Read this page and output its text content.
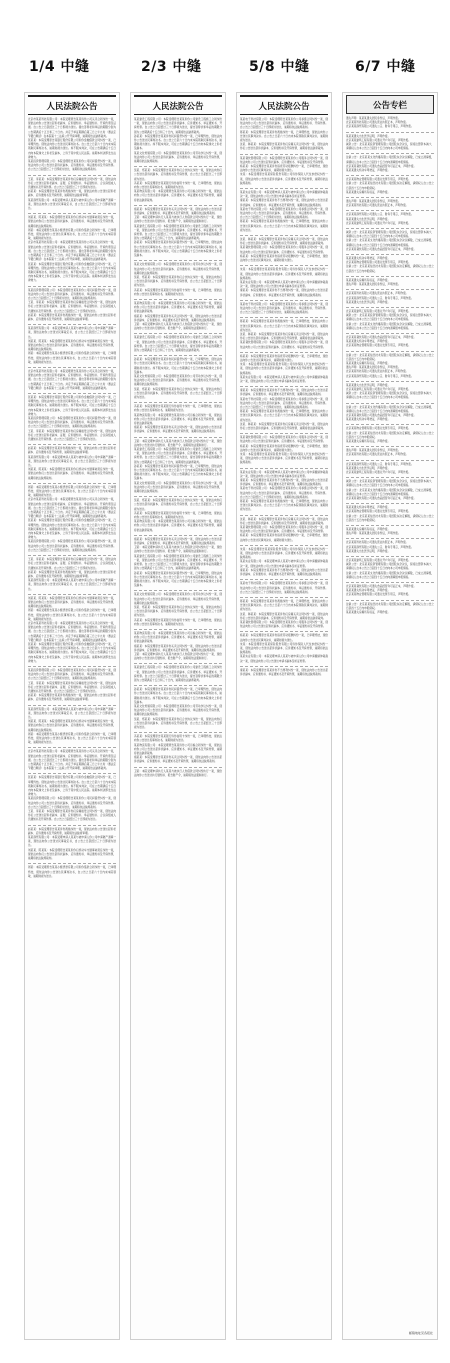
1/4 中缝	2/3 中缝	5/8 中缝	6/7 中缝
人民法院公告

北京市某某科技有限公司：本院受理原告某某诉你公司买卖合同纠纷一案，现依法向你公告送达起诉状副本、应诉通知书、举证通知书、开庭传票及证据。自公告之日起经过三十日即视为送达。提出答辩状和举证的期限分别为公告期满后十五日和三十日内。并定于举证期满后第三日上午九时（遇法定节假日顺延）在本院第十二法庭公开开庭审理，逾期将依法缺席裁判。

张某某：本院受理原告某银行股份有限公司诉你金融借款合同纠纷一案，已审理终结。现依法向你公告送达民事判决书。自公告之日起六十日内来本院领取民事判决书，逾期则视为送达。如不服本判决，可在公告期满后十五日内向本院递交上诉状及副本，上诉于某中级人民法院。逾期本判决即发生法律效力。

某某投资管理有限公司：本院受理原告某某诉你公司民间借贷纠纷一案，现依法向你公司公告送达起诉状副本、应诉通知书、举证通知书及开庭传票。自公告之日起经过三十日即视为送达，逾期将依法缺席裁判。

王某、李某某：本院受理原告某某诉你们房屋租赁合同纠纷一案，现依法向你们公告送达起诉状副本、证据、应诉通知书、举证通知书、合议庭组成人员通知书及开庭传票。自公告之日起经过三十日即视为送达。

赵某某：本院受理原告某某诉你离婚纠纷一案，现依法向你公告送达起诉状副本、应诉通知书及开庭传票，逾期将依法缺席审理。

某某商贸有限公司：本院受理申请人某某与被申请人你公司申请破产清算一案，现依法向你公告送达民事裁定书，自公告之日起经过三十日即视为送达。

刘某某、陈某某：本院受理原告某某诉你们机动车交通事故责任纠纷一案，现依法向你们公告送达起诉状副本、应诉通知书、举证通知书及开庭传票，逾期将依法缺席裁判。

周某：本院受理原告某某小额贷款有限公司诉你借款合同纠纷一案，已审理终结，现依法向你公告送达民事判决书，自公告之日起六十日内来本院领取，逾期则视为送达。

北京市某某科技有限公司：本院受理原告某某诉你公司买卖合同纠纷一案，现依法向你公告送达起诉状副本、应诉通知书、举证通知书、开庭传票及证据。自公告之日起经过三十日即视为送达。提出答辩状和举证的期限分别为公告期满后十五日和三十日内。并定于举证期满后第三日上午九时（遇法定节假日顺延）在本院第十二法庭公开开庭审理，逾期将依法缺席裁判。

张某某：本院受理原告某银行股份有限公司诉你金融借款合同纠纷一案，已审理终结。现依法向你公告送达民事判决书。自公告之日起六十日内来本院领取民事判决书，逾期则视为送达。如不服本判决，可在公告期满后十五日内向本院递交上诉状及副本，上诉于某中级人民法院。逾期本判决即发生法律效力。

某某投资管理有限公司：本院受理原告某某诉你公司民间借贷纠纷一案，现依法向你公司公告送达起诉状副本、应诉通知书、举证通知书及开庭传票。自公告之日起经过三十日即视为送达，逾期将依法缺席裁判。

王某、李某某：本院受理原告某某诉你们房屋租赁合同纠纷一案，现依法向你们公告送达起诉状副本、证据、应诉通知书、举证通知书、合议庭组成人员通知书及开庭传票。自公告之日起经过三十日即视为送达。

赵某某：本院受理原告某某诉你离婚纠纷一案，现依法向你公告送达起诉状副本、应诉通知书及开庭传票，逾期将依法缺席审理。

某某商贸有限公司：本院受理申请人某某与被申请人你公司申请破产清算一案，现依法向你公告送达民事裁定书，自公告之日起经过三十日即视为送达。

刘某某、陈某某：本院受理原告某某诉你们机动车交通事故责任纠纷一案，现依法向你们公告送达起诉状副本、应诉通知书、举证通知书及开庭传票，逾期将依法缺席裁判。

周某：本院受理原告某某小额贷款有限公司诉你借款合同纠纷一案，已审理终结，现依法向你公告送达民事判决书，自公告之日起六十日内来本院领取，逾期则视为送达。

北京市某某科技有限公司：本院受理原告某某诉你公司买卖合同纠纷一案，现依法向你公告送达起诉状副本、应诉通知书、举证通知书、开庭传票及证据。自公告之日起经过三十日即视为送达。提出答辩状和举证的期限分别为公告期满后十五日和三十日内。并定于举证期满后第三日上午九时（遇法定节假日顺延）在本院第十二法庭公开开庭审理，逾期将依法缺席裁判。

张某某：本院受理原告某银行股份有限公司诉你金融借款合同纠纷一案，已审理终结。现依法向你公告送达民事判决书。自公告之日起六十日内来本院领取民事判决书，逾期则视为送达。如不服本判决，可在公告期满后十五日内向本院递交上诉状及副本，上诉于某中级人民法院。逾期本判决即发生法律效力。

某某投资管理有限公司：本院受理原告某某诉你公司民间借贷纠纷一案，现依法向你公司公告送达起诉状副本、应诉通知书、举证通知书及开庭传票。自公告之日起经过三十日即视为送达，逾期将依法缺席裁判。

王某、李某某：本院受理原告某某诉你们房屋租赁合同纠纷一案，现依法向你们公告送达起诉状副本、证据、应诉通知书、举证通知书、合议庭组成人员通知书及开庭传票。自公告之日起经过三十日即视为送达。

赵某某：本院受理原告某某诉你离婚纠纷一案，现依法向你公告送达起诉状副本、应诉通知书及开庭传票，逾期将依法缺席审理。

某某商贸有限公司：本院受理申请人某某与被申请人你公司申请破产清算一案，现依法向你公告送达民事裁定书，自公告之日起经过三十日即视为送达。

刘某某、陈某某：本院受理原告某某诉你们机动车交通事故责任纠纷一案，现依法向你们公告送达起诉状副本、应诉通知书、举证通知书及开庭传票，逾期将依法缺席裁判。

周某：本院受理原告某某小额贷款有限公司诉你借款合同纠纷一案，已审理终结，现依法向你公告送达民事判决书，自公告之日起六十日内来本院领取，逾期则视为送达。

北京市某某科技有限公司：本院受理原告某某诉你公司买卖合同纠纷一案，现依法向你公告送达起诉状副本、应诉通知书、举证通知书、开庭传票及证据。自公告之日起经过三十日即视为送达。提出答辩状和举证的期限分别为公告期满后十五日和三十日内。并定于举证期满后第三日上午九时（遇法定节假日顺延）在本院第十二法庭公开开庭审理，逾期将依法缺席裁判。

张某某：本院受理原告某银行股份有限公司诉你金融借款合同纠纷一案，已审理终结。现依法向你公告送达民事判决书。自公告之日起六十日内来本院领取民事判决书，逾期则视为送达。如不服本判决，可在公告期满后十五日内向本院递交上诉状及副本，上诉于某中级人民法院。逾期本判决即发生法律效力。

某某投资管理有限公司：本院受理原告某某诉你公司民间借贷纠纷一案，现依法向你公司公告送达起诉状副本、应诉通知书、举证通知书及开庭传票。自公告之日起经过三十日即视为送达，逾期将依法缺席裁判。

王某、李某某：本院受理原告某某诉你们房屋租赁合同纠纷一案，现依法向你们公告送达起诉状副本、证据、应诉通知书、举证通知书、合议庭组成人员通知书及开庭传票。自公告之日起经过三十日即视为送达。

赵某某：本院受理原告某某诉你离婚纠纷一案，现依法向你公告送达起诉状副本、应诉通知书及开庭传票，逾期将依法缺席审理。

某某商贸有限公司：本院受理申请人某某与被申请人你公司申请破产清算一案，现依法向你公告送达民事裁定书，自公告之日起经过三十日即视为送达。

刘某某、陈某某：本院受理原告某某诉你们机动车交通事故责任纠纷一案，现依法向你们公告送达起诉状副本、应诉通知书、举证通知书及开庭传票，逾期将依法缺席裁判。

周某：本院受理原告某某小额贷款有限公司诉你借款合同纠纷一案，已审理终结，现依法向你公告送达民事判决书，自公告之日起六十日内来本院领取，逾期则视为送达。

北京市某某科技有限公司：本院受理原告某某诉你公司买卖合同纠纷一案，现依法向你公告送达起诉状副本、应诉通知书、举证通知书、开庭传票及证据。自公告之日起经过三十日即视为送达。提出答辩状和举证的期限分别为公告期满后十五日和三十日内。并定于举证期满后第三日上午九时（遇法定节假日顺延）在本院第十二法庭公开开庭审理，逾期将依法缺席裁判。

张某某：本院受理原告某银行股份有限公司诉你金融借款合同纠纷一案，已审理终结。现依法向你公告送达民事判决书。自公告之日起六十日内来本院领取民事判决书，逾期则视为送达。如不服本判决，可在公告期满后十五日内向本院递交上诉状及副本，上诉于某中级人民法院。逾期本判决即发生法律效力。

某某投资管理有限公司：本院受理原告某某诉你公司民间借贷纠纷一案，现依法向你公司公告送达起诉状副本、应诉通知书、举证通知书及开庭传票。自公告之日起经过三十日即视为送达，逾期将依法缺席裁判。

王某、李某某：本院受理原告某某诉你们房屋租赁合同纠纷一案，现依法向你们公告送达起诉状副本、证据、应诉通知书、举证通知书、合议庭组成人员通知书及开庭传票。自公告之日起经过三十日即视为送达。

赵某某：本院受理原告某某诉你离婚纠纷一案，现依法向你公告送达起诉状副本、应诉通知书及开庭传票，逾期将依法缺席审理。

某某商贸有限公司：本院受理申请人某某与被申请人你公司申请破产清算一案，现依法向你公告送达民事裁定书，自公告之日起经过三十日即视为送达。

刘某某、陈某某：本院受理原告某某诉你们机动车交通事故责任纠纷一案，现依法向你们公告送达起诉状副本、应诉通知书、举证通知书及开庭传票，逾期将依法缺席裁判。

周某：本院受理原告某某小额贷款有限公司诉你借款合同纠纷一案，已审理终结，现依法向你公告送达民事判决书，自公告之日起六十日内来本院领取，逾期则视为送达。

北京市某某科技有限公司：本院受理原告某某诉你公司买卖合同纠纷一案，现依法向你公告送达起诉状副本、应诉通知书、举证通知书、开庭传票及证据。自公告之日起经过三十日即视为送达。提出答辩状和举证的期限分别为公告期满后十五日和三十日内。并定于举证期满后第三日上午九时（遇法定节假日顺延）在本院第十二法庭公开开庭审理，逾期将依法缺席裁判。

张某某：本院受理原告某银行股份有限公司诉你金融借款合同纠纷一案，已审理终结。现依法向你公告送达民事判决书。自公告之日起六十日内来本院领取民事判决书，逾期则视为送达。如不服本判决，可在公告期满后十五日内向本院递交上诉状及副本，上诉于某中级人民法院。逾期本判决即发生法律效力。

某某投资管理有限公司：本院受理原告某某诉你公司民间借贷纠纷一案，现依法向你公司公告送达起诉状副本、应诉通知书、举证通知书及开庭传票。自公告之日起经过三十日即视为送达，逾期将依法缺席裁判。

王某、李某某：本院受理原告某某诉你们房屋租赁合同纠纷一案，现依法向你们公告送达起诉状副本、证据、应诉通知书、举证通知书、合议庭组成人员通知书及开庭传票。自公告之日起经过三十日即视为送达。

赵某某：本院受理原告某某诉你离婚纠纷一案，现依法向你公告送达起诉状副本、应诉通知书及开庭传票，逾期将依法缺席审理。

某某商贸有限公司：本院受理申请人某某与被申请人你公司申请破产清算一案，现依法向你公告送达民事裁定书，自公告之日起经过三十日即视为送达。

刘某某、陈某某：本院受理原告某某诉你们机动车交通事故责任纠纷一案，现依法向你们公告送达起诉状副本、应诉通知书、举证通知书及开庭传票，逾期将依法缺席裁判。

周某：本院受理原告某某小额贷款有限公司诉你借款合同纠纷一案，已审理终结，现依法向你公告送达民事判决书，自公告之日起六十日内来本院领取，逾期则视为送达。

人民法院公告

某某建设工程有限公司：本院受理原告某某诉你公司建设工程施工合同纠纷一案，现依法向你公司公告送达起诉状副本、应诉通知书、举证通知书、开庭传票。自公告之日起经过三十日即视为送达，提出答辩状和举证的期限分别为公告期满后十五日和三十日内，逾期将依法缺席裁判。

孙某某：本院受理原告某某诉你民间借贷纠纷一案，已审理终结，现依法向你公告送达民事判决书。自公告之日起六十日内来本院领取民事判决书，逾期则视为送达。如不服本判决，可在公告期满后十五日内向本院递交上诉状及副本。

某某文化传媒有限公司：本院受理原告某某诉你公司劳动争议纠纷一案，现依法向你公司公告送达起诉状副本、应诉通知书、举证通知书及开庭传票，逾期将依法缺席裁判。

吴某、郑某某：本院受理原告某某诉你们合伙协议纠纷一案，现依法向你们公告送达起诉状副本、应诉通知书及开庭传票，自公告之日起经过三十日即视为送达。

冯某某：本院受理原告某某银行诉你信用卡纠纷一案，已审理终结，现依法向你公告送达民事判决书，逾期则视为送达。

某某物流有限公司：本院受理原告某某诉你公司运输合同纠纷一案，现依法向你公司公告送达起诉状副本、应诉通知书、举证通知书及开庭传票，逾期将依法缺席裁判。

褚某某：本院受理原告某某诉你买卖合同纠纷一案，现依法向你公告送达起诉状副本、应诉通知书、举证通知书及开庭传票，逾期将依法缺席裁判。

卫某：本院受理申请执行人某某与被执行人你借款合同纠纷执行一案，现依法向你公告送达执行通知书、报告财产令，逾期将依法强制执行。

某某建设工程有限公司：本院受理原告某某诉你公司建设工程施工合同纠纷一案，现依法向你公司公告送达起诉状副本、应诉通知书、举证通知书、开庭传票。自公告之日起经过三十日即视为送达，提出答辩状和举证的期限分别为公告期满后十五日和三十日内，逾期将依法缺席裁判。

孙某某：本院受理原告某某诉你民间借贷纠纷一案，已审理终结，现依法向你公告送达民事判决书。自公告之日起六十日内来本院领取民事判决书，逾期则视为送达。如不服本判决，可在公告期满后十五日内向本院递交上诉状及副本。

某某文化传媒有限公司：本院受理原告某某诉你公司劳动争议纠纷一案，现依法向你公司公告送达起诉状副本、应诉通知书、举证通知书及开庭传票，逾期将依法缺席裁判。

吴某、郑某某：本院受理原告某某诉你们合伙协议纠纷一案，现依法向你们公告送达起诉状副本、应诉通知书及开庭传票，自公告之日起经过三十日即视为送达。

冯某某：本院受理原告某某银行诉你信用卡纠纷一案，已审理终结，现依法向你公告送达民事判决书，逾期则视为送达。

某某物流有限公司：本院受理原告某某诉你公司运输合同纠纷一案，现依法向你公司公告送达起诉状副本、应诉通知书、举证通知书及开庭传票，逾期将依法缺席裁判。

褚某某：本院受理原告某某诉你买卖合同纠纷一案，现依法向你公告送达起诉状副本、应诉通知书、举证通知书及开庭传票，逾期将依法缺席裁判。

卫某：本院受理申请执行人某某与被执行人你借款合同纠纷执行一案，现依法向你公告送达执行通知书、报告财产令，逾期将依法强制执行。

某某建设工程有限公司：本院受理原告某某诉你公司建设工程施工合同纠纷一案，现依法向你公司公告送达起诉状副本、应诉通知书、举证通知书、开庭传票。自公告之日起经过三十日即视为送达，提出答辩状和举证的期限分别为公告期满后十五日和三十日内，逾期将依法缺席裁判。

孙某某：本院受理原告某某诉你民间借贷纠纷一案，已审理终结，现依法向你公告送达民事判决书。自公告之日起六十日内来本院领取民事判决书，逾期则视为送达。如不服本判决，可在公告期满后十五日内向本院递交上诉状及副本。

某某文化传媒有限公司：本院受理原告某某诉你公司劳动争议纠纷一案，现依法向你公司公告送达起诉状副本、应诉通知书、举证通知书及开庭传票，逾期将依法缺席裁判。

吴某、郑某某：本院受理原告某某诉你们合伙协议纠纷一案，现依法向你们公告送达起诉状副本、应诉通知书及开庭传票，自公告之日起经过三十日即视为送达。

冯某某：本院受理原告某某银行诉你信用卡纠纷一案，已审理终结，现依法向你公告送达民事判决书，逾期则视为送达。

某某物流有限公司：本院受理原告某某诉你公司运输合同纠纷一案，现依法向你公司公告送达起诉状副本、应诉通知书、举证通知书及开庭传票，逾期将依法缺席裁判。

褚某某：本院受理原告某某诉你买卖合同纠纷一案，现依法向你公告送达起诉状副本、应诉通知书、举证通知书及开庭传票，逾期将依法缺席裁判。

卫某：本院受理申请执行人某某与被执行人你借款合同纠纷执行一案，现依法向你公告送达执行通知书、报告财产令，逾期将依法强制执行。

某某建设工程有限公司：本院受理原告某某诉你公司建设工程施工合同纠纷一案，现依法向你公司公告送达起诉状副本、应诉通知书、举证通知书、开庭传票。自公告之日起经过三十日即视为送达，提出答辩状和举证的期限分别为公告期满后十五日和三十日内，逾期将依法缺席裁判。

孙某某：本院受理原告某某诉你民间借贷纠纷一案，已审理终结，现依法向你公告送达民事判决书。自公告之日起六十日内来本院领取民事判决书，逾期则视为送达。如不服本判决，可在公告期满后十五日内向本院递交上诉状及副本。

某某文化传媒有限公司：本院受理原告某某诉你公司劳动争议纠纷一案，现依法向你公司公告送达起诉状副本、应诉通知书、举证通知书及开庭传票，逾期将依法缺席裁判。

吴某、郑某某：本院受理原告某某诉你们合伙协议纠纷一案，现依法向你们公告送达起诉状副本、应诉通知书及开庭传票，自公告之日起经过三十日即视为送达。

冯某某：本院受理原告某某银行诉你信用卡纠纷一案，已审理终结，现依法向你公告送达民事判决书，逾期则视为送达。

某某物流有限公司：本院受理原告某某诉你公司运输合同纠纷一案，现依法向你公司公告送达起诉状副本、应诉通知书、举证通知书及开庭传票，逾期将依法缺席裁判。

褚某某：本院受理原告某某诉你买卖合同纠纷一案，现依法向你公告送达起诉状副本、应诉通知书、举证通知书及开庭传票，逾期将依法缺席裁判。

卫某：本院受理申请执行人某某与被执行人你借款合同纠纷执行一案，现依法向你公告送达执行通知书、报告财产令，逾期将依法强制执行。

某某建设工程有限公司：本院受理原告某某诉你公司建设工程施工合同纠纷一案，现依法向你公司公告送达起诉状副本、应诉通知书、举证通知书、开庭传票。自公告之日起经过三十日即视为送达，提出答辩状和举证的期限分别为公告期满后十五日和三十日内，逾期将依法缺席裁判。

孙某某：本院受理原告某某诉你民间借贷纠纷一案，已审理终结，现依法向你公告送达民事判决书。自公告之日起六十日内来本院领取民事判决书，逾期则视为送达。如不服本判决，可在公告期满后十五日内向本院递交上诉状及副本。

某某文化传媒有限公司：本院受理原告某某诉你公司劳动争议纠纷一案，现依法向你公司公告送达起诉状副本、应诉通知书、举证通知书及开庭传票，逾期将依法缺席裁判。

吴某、郑某某：本院受理原告某某诉你们合伙协议纠纷一案，现依法向你们公告送达起诉状副本、应诉通知书及开庭传票，自公告之日起经过三十日即视为送达。

冯某某：本院受理原告某某银行诉你信用卡纠纷一案，已审理终结，现依法向你公告送达民事判决书，逾期则视为送达。

某某物流有限公司：本院受理原告某某诉你公司运输合同纠纷一案，现依法向你公司公告送达起诉状副本、应诉通知书、举证通知书及开庭传票，逾期将依法缺席裁判。

褚某某：本院受理原告某某诉你买卖合同纠纷一案，现依法向你公告送达起诉状副本、应诉通知书、举证通知书及开庭传票，逾期将依法缺席裁判。

卫某：本院受理申请执行人某某与被执行人你借款合同纠纷执行一案，现依法向你公告送达执行通知书、报告财产令，逾期将依法强制执行。

某某建设工程有限公司：本院受理原告某某诉你公司建设工程施工合同纠纷一案，现依法向你公司公告送达起诉状副本、应诉通知书、举证通知书、开庭传票。自公告之日起经过三十日即视为送达，提出答辩状和举证的期限分别为公告期满后十五日和三十日内，逾期将依法缺席裁判。

孙某某：本院受理原告某某诉你民间借贷纠纷一案，已审理终结，现依法向你公告送达民事判决书。自公告之日起六十日内来本院领取民事判决书，逾期则视为送达。如不服本判决，可在公告期满后十五日内向本院递交上诉状及副本。

某某文化传媒有限公司：本院受理原告某某诉你公司劳动争议纠纷一案，现依法向你公司公告送达起诉状副本、应诉通知书、举证通知书及开庭传票，逾期将依法缺席裁判。

吴某、郑某某：本院受理原告某某诉你们合伙协议纠纷一案，现依法向你们公告送达起诉状副本、应诉通知书及开庭传票，自公告之日起经过三十日即视为送达。

冯某某：本院受理原告某某银行诉你信用卡纠纷一案，已审理终结，现依法向你公告送达民事判决书，逾期则视为送达。

某某物流有限公司：本院受理原告某某诉你公司运输合同纠纷一案，现依法向你公司公告送达起诉状副本、应诉通知书、举证通知书及开庭传票，逾期将依法缺席裁判。

褚某某：本院受理原告某某诉你买卖合同纠纷一案，现依法向你公告送达起诉状副本、应诉通知书、举证通知书及开庭传票，逾期将依法缺席裁判。

卫某：本院受理申请执行人某某与被执行人你借款合同纠纷执行一案，现依法向你公告送达执行通知书、报告财产令，逾期将依法强制执行。

人民法院公告

某某电子科技有限公司：本院受理原告某某诉你公司承揽合同纠纷一案，现依法向你公司公告送达起诉状副本、应诉通知书、举证通知书、开庭传票。自公告之日起经过三十日即视为送达，逾期将依法缺席裁判。

蒋某某：本院受理原告某某诉你离婚纠纷一案，已审理终结，现依法向你公告送达民事判决书。自公告之日起六十日内来本院领取民事判决书，逾期则视为送达。

沈某、韩某某：本院受理原告某某诉你们房屋买卖合同纠纷一案，现依法向你们公告送达起诉状副本、应诉通知书及开庭传票，逾期将依法缺席裁判。

某某餐饮管理有限公司：本院受理原告某某诉你公司服务合同纠纷一案，现依法向你公司公告送达起诉状副本、应诉通知书、举证通知书及开庭传票。

杨某某：本院受理原告某某诉你追索劳动报酬纠纷一案，已审理终结，现依法向你公告送达民事判决书，逾期则视为送达。

朱某：本院受理原告某某保险股份有限公司诉你保险人代位求偿权纠纷一案，现依法向你公告送达起诉状副本、应诉通知书及开庭传票，逾期将依法缺席裁判。

某某实业有限公司：本院受理申请人某某与被申请人你公司申请撤销仲裁裁决一案，现依法向你公司公告送达申请书副本及听证传票。

秦某某：本院受理原告某某诉你不当得利纠纷一案，现依法向你公告送达起诉状副本、应诉通知书、举证通知书及开庭传票，逾期将依法缺席裁判。

某某电子科技有限公司：本院受理原告某某诉你公司承揽合同纠纷一案，现依法向你公司公告送达起诉状副本、应诉通知书、举证通知书、开庭传票。自公告之日起经过三十日即视为送达，逾期将依法缺席裁判。

蒋某某：本院受理原告某某诉你离婚纠纷一案，已审理终结，现依法向你公告送达民事判决书。自公告之日起六十日内来本院领取民事判决书，逾期则视为送达。

沈某、韩某某：本院受理原告某某诉你们房屋买卖合同纠纷一案，现依法向你们公告送达起诉状副本、应诉通知书及开庭传票，逾期将依法缺席裁判。

某某餐饮管理有限公司：本院受理原告某某诉你公司服务合同纠纷一案，现依法向你公司公告送达起诉状副本、应诉通知书、举证通知书及开庭传票。

杨某某：本院受理原告某某诉你追索劳动报酬纠纷一案，已审理终结，现依法向你公告送达民事判决书，逾期则视为送达。

朱某：本院受理原告某某保险股份有限公司诉你保险人代位求偿权纠纷一案，现依法向你公告送达起诉状副本、应诉通知书及开庭传票，逾期将依法缺席裁判。

某某实业有限公司：本院受理申请人某某与被申请人你公司申请撤销仲裁裁决一案，现依法向你公司公告送达申请书副本及听证传票。

秦某某：本院受理原告某某诉你不当得利纠纷一案，现依法向你公告送达起诉状副本、应诉通知书、举证通知书及开庭传票，逾期将依法缺席裁判。

某某电子科技有限公司：本院受理原告某某诉你公司承揽合同纠纷一案，现依法向你公司公告送达起诉状副本、应诉通知书、举证通知书、开庭传票。自公告之日起经过三十日即视为送达，逾期将依法缺席裁判。

蒋某某：本院受理原告某某诉你离婚纠纷一案，已审理终结，现依法向你公告送达民事判决书。自公告之日起六十日内来本院领取民事判决书，逾期则视为送达。

沈某、韩某某：本院受理原告某某诉你们房屋买卖合同纠纷一案，现依法向你们公告送达起诉状副本、应诉通知书及开庭传票，逾期将依法缺席裁判。

某某餐饮管理有限公司：本院受理原告某某诉你公司服务合同纠纷一案，现依法向你公司公告送达起诉状副本、应诉通知书、举证通知书及开庭传票。

杨某某：本院受理原告某某诉你追索劳动报酬纠纷一案，已审理终结，现依法向你公告送达民事判决书，逾期则视为送达。

朱某：本院受理原告某某保险股份有限公司诉你保险人代位求偿权纠纷一案，现依法向你公告送达起诉状副本、应诉通知书及开庭传票，逾期将依法缺席裁判。

某某实业有限公司：本院受理申请人某某与被申请人你公司申请撤销仲裁裁决一案，现依法向你公司公告送达申请书副本及听证传票。

秦某某：本院受理原告某某诉你不当得利纠纷一案，现依法向你公告送达起诉状副本、应诉通知书、举证通知书及开庭传票，逾期将依法缺席裁判。

某某电子科技有限公司：本院受理原告某某诉你公司承揽合同纠纷一案，现依法向你公司公告送达起诉状副本、应诉通知书、举证通知书、开庭传票。自公告之日起经过三十日即视为送达，逾期将依法缺席裁判。

蒋某某：本院受理原告某某诉你离婚纠纷一案，已审理终结，现依法向你公告送达民事判决书。自公告之日起六十日内来本院领取民事判决书，逾期则视为送达。

沈某、韩某某：本院受理原告某某诉你们房屋买卖合同纠纷一案，现依法向你们公告送达起诉状副本、应诉通知书及开庭传票，逾期将依法缺席裁判。

某某餐饮管理有限公司：本院受理原告某某诉你公司服务合同纠纷一案，现依法向你公司公告送达起诉状副本、应诉通知书、举证通知书及开庭传票。

杨某某：本院受理原告某某诉你追索劳动报酬纠纷一案，已审理终结，现依法向你公告送达民事判决书，逾期则视为送达。

朱某：本院受理原告某某保险股份有限公司诉你保险人代位求偿权纠纷一案，现依法向你公告送达起诉状副本、应诉通知书及开庭传票，逾期将依法缺席裁判。

某某实业有限公司：本院受理申请人某某与被申请人你公司申请撤销仲裁裁决一案，现依法向你公司公告送达申请书副本及听证传票。

秦某某：本院受理原告某某诉你不当得利纠纷一案，现依法向你公告送达起诉状副本、应诉通知书、举证通知书及开庭传票，逾期将依法缺席裁判。

某某电子科技有限公司：本院受理原告某某诉你公司承揽合同纠纷一案，现依法向你公司公告送达起诉状副本、应诉通知书、举证通知书、开庭传票。自公告之日起经过三十日即视为送达，逾期将依法缺席裁判。

蒋某某：本院受理原告某某诉你离婚纠纷一案，已审理终结，现依法向你公告送达民事判决书。自公告之日起六十日内来本院领取民事判决书，逾期则视为送达。

沈某、韩某某：本院受理原告某某诉你们房屋买卖合同纠纷一案，现依法向你们公告送达起诉状副本、应诉通知书及开庭传票，逾期将依法缺席裁判。

某某餐饮管理有限公司：本院受理原告某某诉你公司服务合同纠纷一案，现依法向你公司公告送达起诉状副本、应诉通知书、举证通知书及开庭传票。

杨某某：本院受理原告某某诉你追索劳动报酬纠纷一案，已审理终结，现依法向你公告送达民事判决书，逾期则视为送达。

朱某：本院受理原告某某保险股份有限公司诉你保险人代位求偿权纠纷一案，现依法向你公告送达起诉状副本、应诉通知书及开庭传票，逾期将依法缺席裁判。

某某实业有限公司：本院受理申请人某某与被申请人你公司申请撤销仲裁裁决一案，现依法向你公司公告送达申请书副本及听证传票。

秦某某：本院受理原告某某诉你不当得利纠纷一案，现依法向你公告送达起诉状副本、应诉通知书、举证通知书及开庭传票，逾期将依法缺席裁判。

某某电子科技有限公司：本院受理原告某某诉你公司承揽合同纠纷一案，现依法向你公司公告送达起诉状副本、应诉通知书、举证通知书、开庭传票。自公告之日起经过三十日即视为送达，逾期将依法缺席裁判。

蒋某某：本院受理原告某某诉你离婚纠纷一案，已审理终结，现依法向你公告送达民事判决书。自公告之日起六十日内来本院领取民事判决书，逾期则视为送达。

沈某、韩某某：本院受理原告某某诉你们房屋买卖合同纠纷一案，现依法向你们公告送达起诉状副本、应诉通知书及开庭传票，逾期将依法缺席裁判。

某某餐饮管理有限公司：本院受理原告某某诉你公司服务合同纠纷一案，现依法向你公司公告送达起诉状副本、应诉通知书、举证通知书及开庭传票。

杨某某：本院受理原告某某诉你追索劳动报酬纠纷一案，已审理终结，现依法向你公告送达民事判决书，逾期则视为送达。

朱某：本院受理原告某某保险股份有限公司诉你保险人代位求偿权纠纷一案，现依法向你公告送达起诉状副本、应诉通知书及开庭传票，逾期将依法缺席裁判。

某某实业有限公司：本院受理申请人某某与被申请人你公司申请撤销仲裁裁决一案，现依法向你公司公告送达申请书副本及听证传票。

秦某某：本院受理原告某某诉你不当得利纠纷一案，现依法向你公告送达起诉状副本、应诉通知书、举证通知书及开庭传票，逾期将依法缺席裁判。

公告专栏

遗失声明：某某某遗失居民身份证，声明作废。

北京某某科技有限公司遗失营业执照正本，声明作废。

北京某某商贸有限公司遗失公章、财务专用章，声明作废。

某某某遗失出生医学证明，声明作废。

北京某某建筑工程有限公司遗失开户许可证，声明作废。

减资公告：北京某某投资管理有限公司经股东会决议，拟将注册资本减少，请债权人自本公告之日起四十五日内向本公司申报债权。

注销公告：北京某某文化传播有限公司经股东会决议解散，已成立清算组，请债权人自本公告之日起四十五日内向清算组申报债权。

北京某某餐饮有限公司遗失食品经营许可证正本，声明作废。

某某某遗失机动车驾驶证，声明作废。

北京某某物业管理有限公司遗失发票专用章，声明作废。

注销公告：北京某某信息技术有限公司经股东决定解散，请债权人自公告之日起四十五日内申报债权。

某某某遗失房屋所有权证，声明作废。

遗失声明：某某某遗失居民身份证，声明作废。

北京某某科技有限公司遗失营业执照正本，声明作废。

北京某某商贸有限公司遗失公章、财务专用章，声明作废。

某某某遗失出生医学证明，声明作废。

北京某某建筑工程有限公司遗失开户许可证，声明作废。

减资公告：北京某某投资管理有限公司经股东会决议，拟将注册资本减少，请债权人自本公告之日起四十五日内向本公司申报债权。

注销公告：北京某某文化传播有限公司经股东会决议解散，已成立清算组，请债权人自本公告之日起四十五日内向清算组申报债权。

北京某某餐饮有限公司遗失食品经营许可证正本，声明作废。

某某某遗失机动车驾驶证，声明作废。

北京某某物业管理有限公司遗失发票专用章，声明作废。

注销公告：北京某某信息技术有限公司经股东决定解散，请债权人自公告之日起四十五日内申报债权。

某某某遗失房屋所有权证，声明作废。

遗失声明：某某某遗失居民身份证，声明作废。

北京某某科技有限公司遗失营业执照正本，声明作废。

北京某某商贸有限公司遗失公章、财务专用章，声明作废。

某某某遗失出生医学证明，声明作废。

北京某某建筑工程有限公司遗失开户许可证，声明作废。

减资公告：北京某某投资管理有限公司经股东会决议，拟将注册资本减少，请债权人自本公告之日起四十五日内向本公司申报债权。

注销公告：北京某某文化传播有限公司经股东会决议解散，已成立清算组，请债权人自本公告之日起四十五日内向清算组申报债权。

北京某某餐饮有限公司遗失食品经营许可证正本，声明作废。

某某某遗失机动车驾驶证，声明作废。

北京某某物业管理有限公司遗失发票专用章，声明作废。

注销公告：北京某某信息技术有限公司经股东决定解散，请债权人自公告之日起四十五日内申报债权。

某某某遗失房屋所有权证，声明作废。

遗失声明：某某某遗失居民身份证，声明作废。

北京某某科技有限公司遗失营业执照正本，声明作废。

北京某某商贸有限公司遗失公章、财务专用章，声明作废。

某某某遗失出生医学证明，声明作废。

北京某某建筑工程有限公司遗失开户许可证，声明作废。

减资公告：北京某某投资管理有限公司经股东会决议，拟将注册资本减少，请债权人自本公告之日起四十五日内向本公司申报债权。

注销公告：北京某某文化传播有限公司经股东会决议解散，已成立清算组，请债权人自本公告之日起四十五日内向清算组申报债权。

北京某某餐饮有限公司遗失食品经营许可证正本，声明作废。

某某某遗失机动车驾驶证，声明作废。

北京某某物业管理有限公司遗失发票专用章，声明作废。

注销公告：北京某某信息技术有限公司经股东决定解散，请债权人自公告之日起四十五日内申报债权。

某某某遗失房屋所有权证，声明作废。

遗失声明：某某某遗失居民身份证，声明作废。

北京某某科技有限公司遗失营业执照正本，声明作废。

北京某某商贸有限公司遗失公章、财务专用章，声明作废。

某某某遗失出生医学证明，声明作废。

北京某某建筑工程有限公司遗失开户许可证，声明作废。

减资公告：北京某某投资管理有限公司经股东会决议，拟将注册资本减少，请债权人自本公告之日起四十五日内向本公司申报债权。

注销公告：北京某某文化传播有限公司经股东会决议解散，已成立清算组，请债权人自本公告之日起四十五日内向清算组申报债权。

北京某某餐饮有限公司遗失食品经营许可证正本，声明作废。

某某某遗失机动车驾驶证，声明作废。

北京某某物业管理有限公司遗失发票专用章，声明作废。

注销公告：北京某某信息技术有限公司经股东决定解散，请债权人自公告之日起四十五日内申报债权。

某某某遗失房屋所有权证，声明作废。

遗失声明：某某某遗失居民身份证，声明作废。

北京某某科技有限公司遗失营业执照正本，声明作废。

北京某某商贸有限公司遗失公章、财务专用章，声明作废。

某某某遗失出生医学证明，声明作废。

北京某某建筑工程有限公司遗失开户许可证，声明作废。

减资公告：北京某某投资管理有限公司经股东会决议，拟将注册资本减少，请债权人自本公告之日起四十五日内向本公司申报债权。

注销公告：北京某某文化传播有限公司经股东会决议解散，已成立清算组，请债权人自本公告之日起四十五日内向清算组申报债权。

北京某某餐饮有限公司遗失食品经营许可证正本，声明作废。

某某某遗失机动车驾驶证，声明作废。

北京某某物业管理有限公司遗失发票专用章，声明作废。

注销公告：北京某某信息技术有限公司经股东决定解散，请债权人自公告之日起四十五日内申报债权。

某某某遗失房屋所有权证，声明作废。

邮箱地址见各报社
